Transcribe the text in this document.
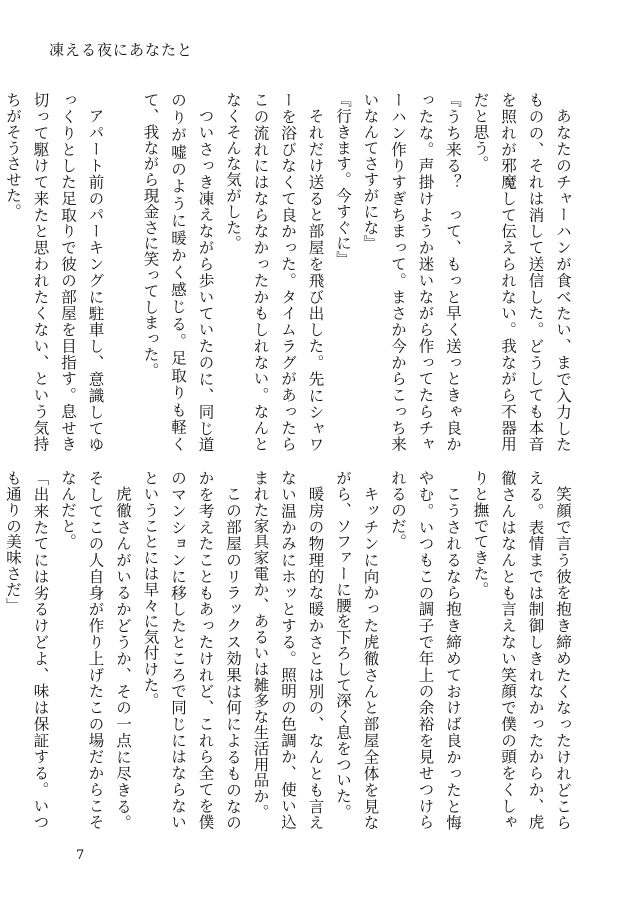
凍える夜にあなたと

あなたのチャーハンが食べたい、まで入力したものの、それは消して送信した。どうしても本音を照れが邪魔して伝えられない。我ながら不器用だと思う。

『うち来る？　って、もっと早く送っときゃ良かったな。声掛けようか迷いながら作ってたらチャーハン作りすぎちまって。まさか今からこっち来いなんてさすがにな』

『行きます。今すぐに』

それだけ送ると部屋を飛び出した。先にシャワーを浴びなくて良かった。タイムラグがあったらこの流れにはならなかったかもしれない。なんとなくそんな気がした。

ついさっき凍えながら歩いていたのに、同じ道のりが嘘のように暖かく感じる。足取りも軽くて、我ながら現金さに笑ってしまった。

アパート前のパーキングに駐車し、意識してゆっくりとした足取りで彼の部屋を目指す。息せき切って駆けて来たと思われたくない、という気持ちがそうさせた。

笑顔で言う彼を抱き締めたくなったけれどこらえる。表情までは制御しきれなかったからか、虎徹さんはなんとも言えない笑顔で僕の頭をくしゃりと撫でてきた。

こうされるなら抱き締めておけば良かったと悔やむ。いつもこの調子で年上の余裕を見せつけられるのだ。

キッチンに向かった虎徹さんと部屋全体を見ながら、ソファーに腰を下ろして深く息をついた。

暖房の物理的な暖かさとは別の、なんとも言えない温かみにホッとする。照明の色調か、使い込まれた家具家電か、あるいは雑多な生活用品か。

この部屋のリラックス効果は何によるものなのかを考えたこともあったけれど、これら全てを僕のマンションに移したところで同じにはならないということには早々に気付けた。

虎徹さんがいるかどうか、その一点に尽きる。そしてこの人自身が作り上げたこの場だからこそなんだと。

「出来たてには劣るけどよ、味は保証する。いつも通りの美味さだ」

7
